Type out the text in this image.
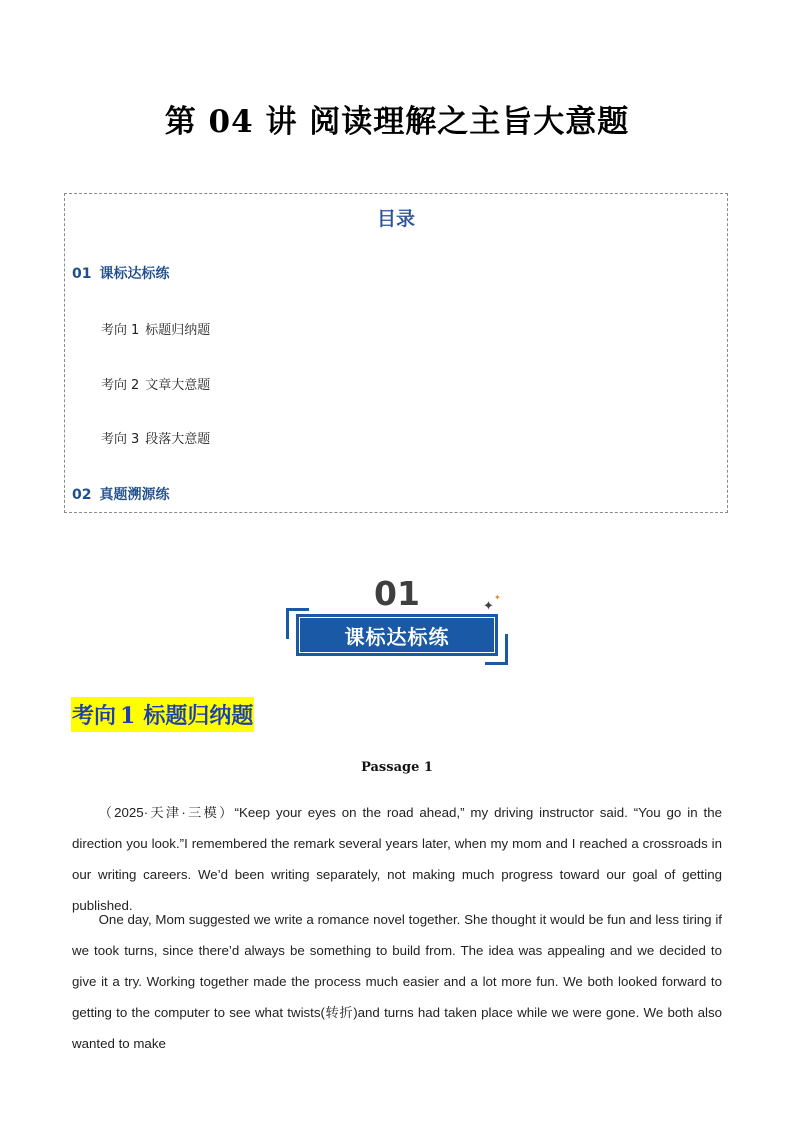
第 04 讲 阅读理解之主旨大意题
目录
01 课标达标练
考向 1 标题归纳题
考向 2 文章大意题
考向 3 段落大意题
02 真题溯源练
01	✦
✦
课标达标练
考向 1 标题归纳题
Passage 1

（2025·天津·三模）“Keep your eyes on the road ahead,” my driving instructor said. “You go in the direction you look.”I remembered the remark several years later, when my mom and I reached a crossroads in our writing careers. We’d been writing separately, not making much progress toward our goal of getting published.

One day, Mom suggested we write a romance novel together. She thought it would be fun and less tiring if we took turns, since there’d always be something to build from. The idea was appealing and we decided to give it a try. Working together made the process much easier and a lot more fun. We both looked forward to getting to the computer to see what twists(转折)and turns had taken place while we were gone. We both also wanted to make
